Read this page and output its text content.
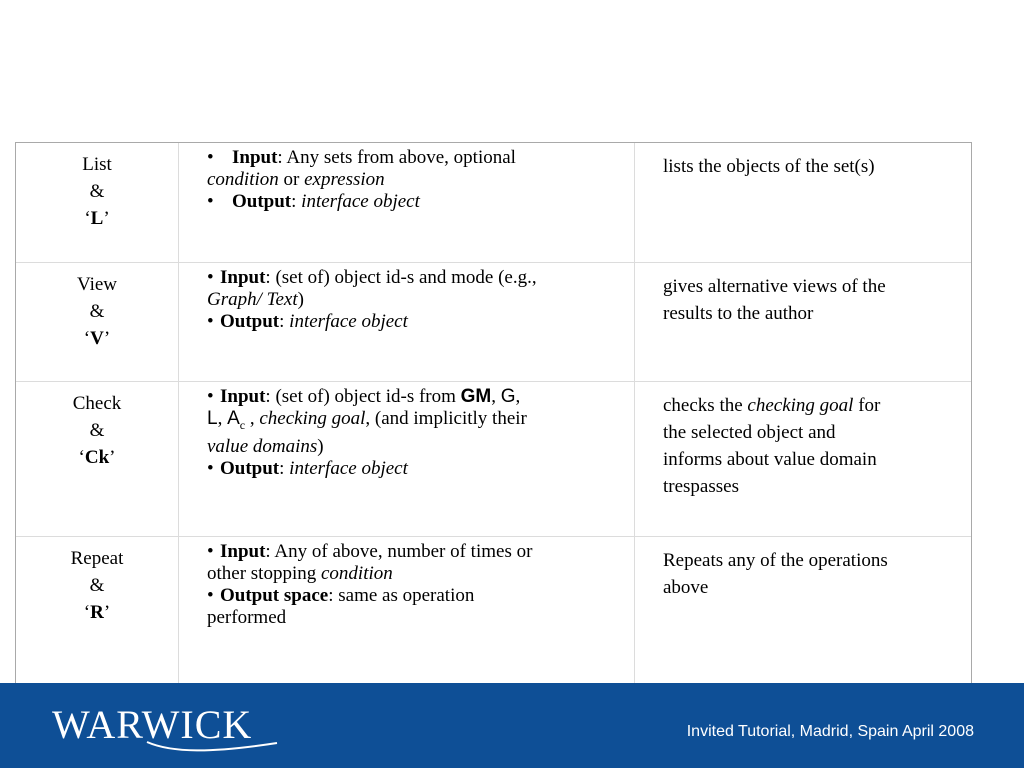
List
&
‘L’
• Input: Any sets from above, optional
condition or expression
• Output: interface object
lists the objects of the set(s)
View
&
‘V’
• Input: (set of) object id-s and mode (e.g.,
Graph/ Text)
• Output: interface object
gives alternative views of the
results to the author
Check
&
‘Ck’
• Input: (set of) object id-s from GM, G,
L, $A_c$ , checking goal, (and implicitly their
value domains)
• Output: interface object
checks the checking goal for
the selected object and
informs about value domain
trespasses
Repeat
&
‘R’
• Input: Any of above, number of times or
other stopping condition
• Output space: same as operation
performed
Repeats any of the operations
above
WARWICK	Invited Tutorial, Madrid, Spain April 2008
